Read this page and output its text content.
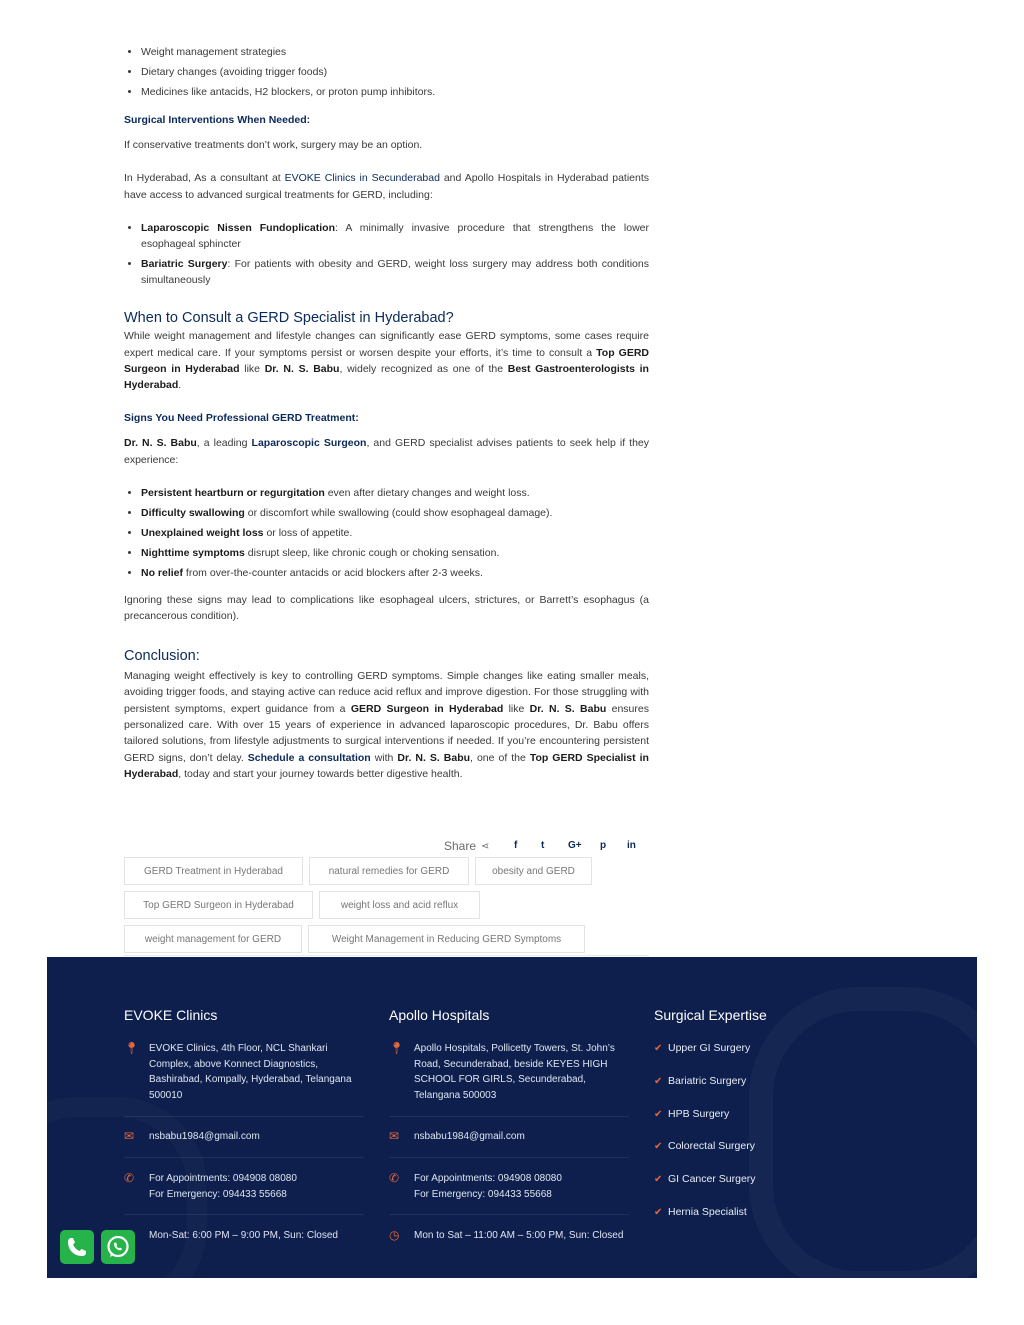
• Weight management strategies
• Dietary changes (avoiding trigger foods)
• Medicines like antacids, H2 blockers, or proton pump inhibitors.

Surgical Interventions When Needed:

If conservative treatments don’t work, surgery may be an option.

In Hyderabad, As a consultant at EVOKE Clinics in Secunderabad and Apollo Hospitals in Hyderabad patients have access to advanced surgical treatments for GERD, including:

• Laparoscopic Nissen Fundoplication: A minimally invasive procedure that strengthens the lower esophageal sphincter
• Bariatric Surgery: For patients with obesity and GERD, weight loss surgery may address both conditions simultaneously

When to Consult a GERD Specialist in Hyderabad?

While weight management and lifestyle changes can significantly ease GERD symptoms, some cases require expert medical care. If your symptoms persist or worsen despite your efforts, it’s time to consult a Top GERD Surgeon in Hyderabad like Dr. N. S. Babu, widely recognized as one of the Best Gastroenterologists in Hyderabad.

Signs You Need Professional GERD Treatment:

Dr. N. S. Babu, a leading Laparoscopic Surgeon, and GERD specialist advises patients to seek help if they experience:

• Persistent heartburn or regurgitation even after dietary changes and weight loss.
• Difficulty swallowing or discomfort while swallowing (could show esophageal damage).
• Unexplained weight loss or loss of appetite.
• Nighttime symptoms disrupt sleep, like chronic cough or choking sensation.
• No relief from over-the-counter antacids or acid blockers after 2-3 weeks.

Ignoring these signs may lead to complications like esophageal ulcers, strictures, or Barrett’s esophagus (a precancerous condition).

Conclusion:

Managing weight effectively is key to controlling GERD symptoms. Simple changes like eating smaller meals, avoiding trigger foods, and staying active can reduce acid reflux and improve digestion. For those struggling with persistent symptoms, expert guidance from a GERD Surgeon in Hyderabad like Dr. N. S. Babu ensures personalized care. With over 15 years of experience in advanced laparoscopic procedures, Dr. Babu offers tailored solutions, from lifestyle adjustments to surgical interventions if needed. If you’re encountering persistent GERD signs, don’t delay. Schedule a consultation with Dr. N. S. Babu, one of the Top GERD Specialist in Hyderabad, today and start your journey towards better digestive health.

Share ⋖ f t G+ p in
GERD Treatment in Hyderabad	natural remedies for GERD	obesity and GERD
Top GERD Surgeon in Hyderabad	weight loss and acid reflux
weight management for GERD	Weight Management in Reducing GERD Symptoms
EVOKE Clinics
📍︎ EVOKE Clinics, 4th Floor, NCL Shankari Complex, above Konnect Diagnostics, Bashirabad, Kompally, Hyderabad, Telangana 500010
✉	nsbabu1984@gmail.com
✆	For Appointments: 094908 08080
For Emergency: 094433 55668
Mon-Sat: 6:00 PM – 9:00 PM, Sun: Closed
Apollo Hospitals
📍︎ Apollo Hospitals, Pollicetty Towers, St. John’s Road, Secunderabad, beside KEYES HIGH SCHOOL FOR GIRLS, Secunderabad, Telangana 500003
✉	nsbabu1984@gmail.com
✆	For Appointments: 094908 08080
For Emergency: 094433 55668
◷	Mon to Sat – 11:00 AM – 5:00 PM, Sun: Closed
Surgical Expertise
✔ Upper GI Surgery
✔ Bariatric Surgery
✔ HPB Surgery
✔ Colorectal Surgery
✔ GI Cancer Surgery
✔ Hernia Specialist
